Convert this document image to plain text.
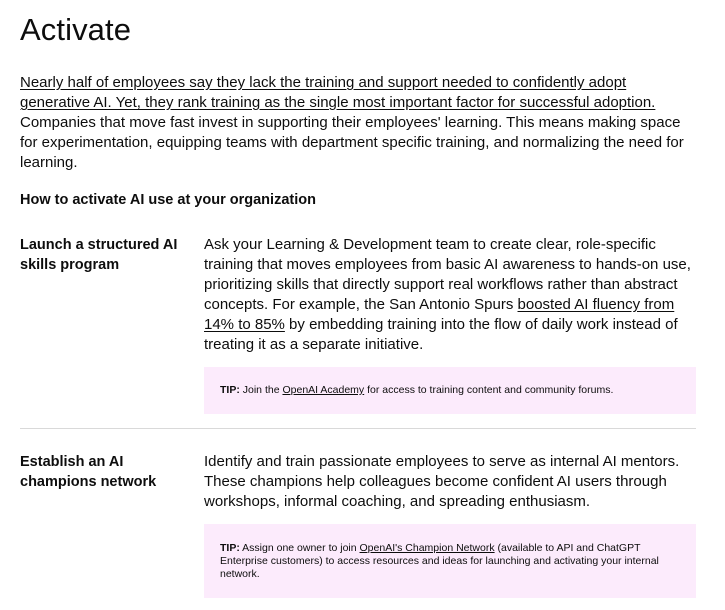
Activate

Nearly half of employees say they lack the training and support needed to confidently adopt generative AI. Yet, they rank training as the single most important factor for successful adoption. Companies that move fast invest in supporting their employees' learning. This means making space for experimentation, equipping teams with department specific training, and normalizing the need for learning.

How to activate AI use at your organization

Launch a structured AI skills program

Ask your Learning & Development team to create clear, role-specific training that moves employees from basic AI awareness to hands-on use, prioritizing skills that directly support real workflows rather than abstract concepts. For example, the San Antonio Spurs boosted AI fluency from 14% to 85% by embedding training into the flow of daily work instead of treating it as a separate initiative.

TIP: Join the OpenAI Academy for access to training content and community forums.

Establish an AI champions network

Identify and train passionate employees to serve as internal AI mentors. These champions help colleagues become confident AI users through workshops, informal coaching, and spreading enthusiasm.

TIP: Assign one owner to join OpenAI's Champion Network (available to API and ChatGPT Enterprise customers) to access resources and ideas for launching and activating your internal network.
